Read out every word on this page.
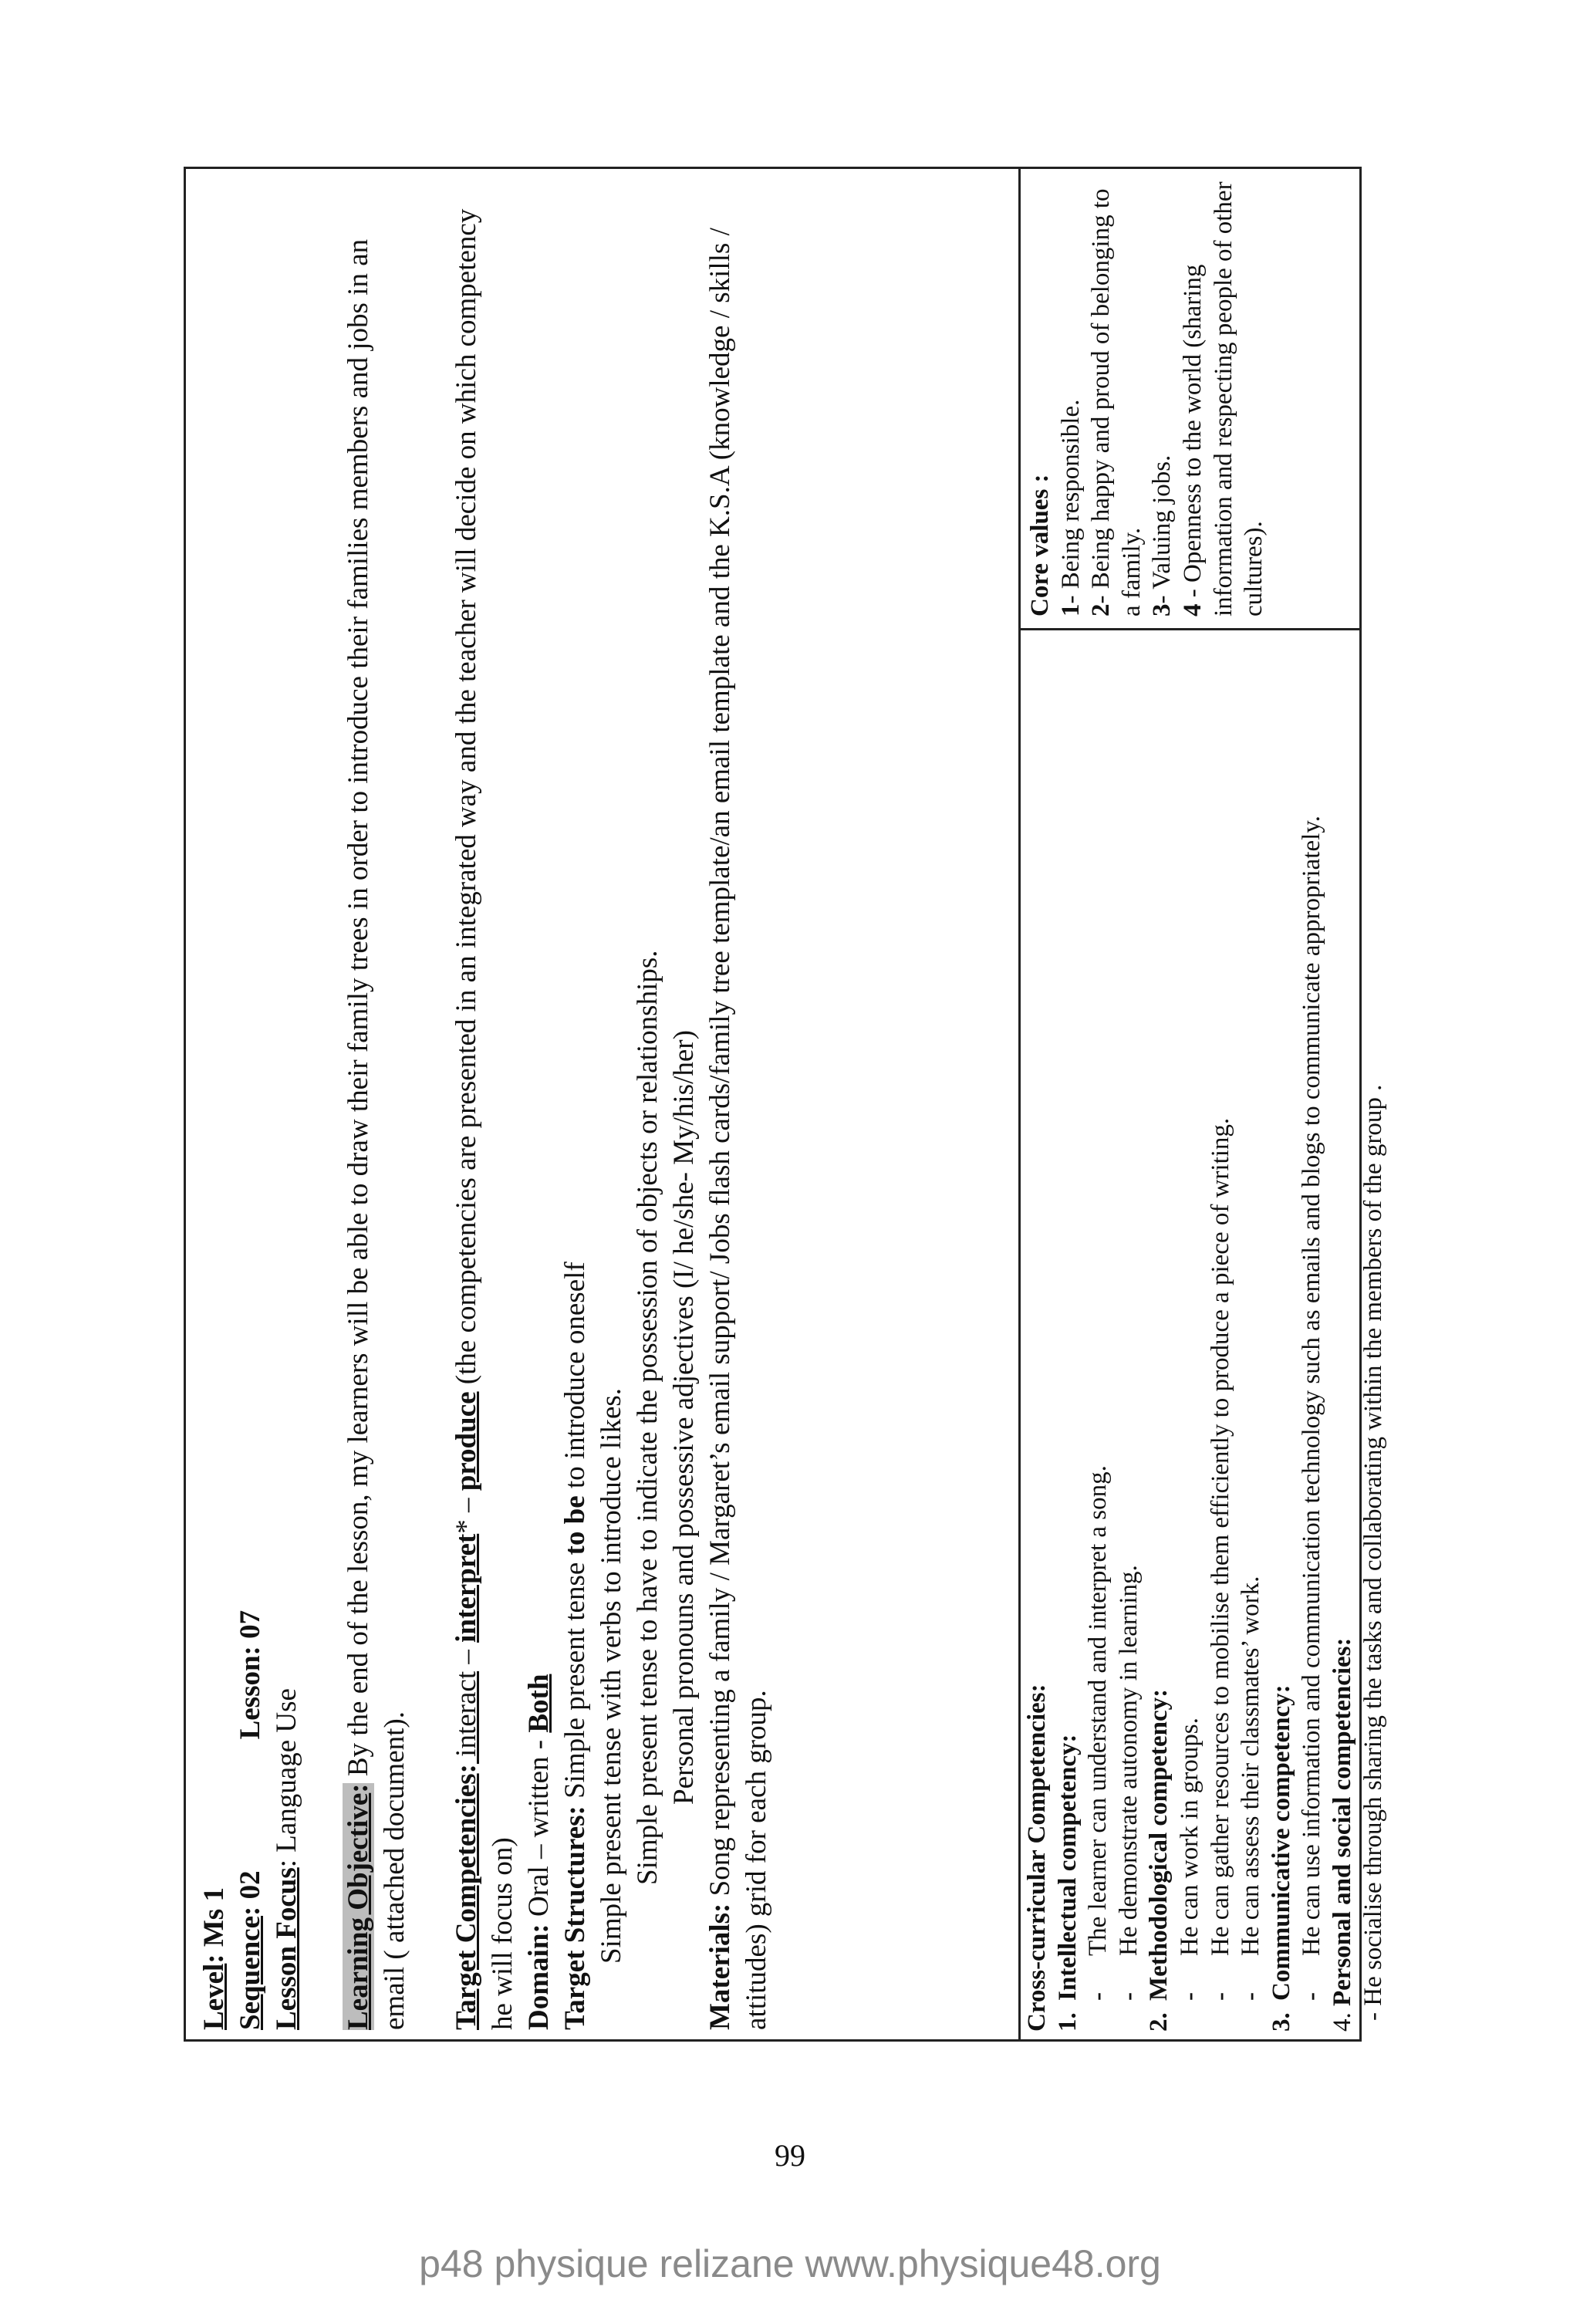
Level: Ms 1 Sequence: 02Lesson: 07

Lesson Focus: Language Use

Learning Objective: By the end of the lesson, my learners will be able to draw their family trees in order to introduce their families members and jobs in an email ( attached document). Target Competencies: interact – interpret* – produce (the competencies are presented in an integrated way and the teacher will decide on which competency he will focus on) Domain: Oral – written - Both

Target Structures: Simple present tense to be to introduce oneself

Simple present tense with verbs to introduce likes. Simple present tense to have to indicate the possession of objects or relationships. Personal pronouns and possessive adjectives (I/ he/she- My/his/her)

Materials: Song representing a family / Margaret’s email support/ Jobs flash cards/family tree template/an email template and the K.S.A (knowledge / skills / attitudes) grid for each group.	Cross-curricular Competencies: 1.
Intellectual competency: -
The learner can understand and interpret a song.
-
He demonstrate autonomy in learning.
2.
Methodological competency: -
He can work in groups.
-
He can gather resources to mobilise them efficiently to produce a piece of writing.
-
He can assess their classmates’ work.
3.
Communicative competency: -
He can use information and communication technology such as emails and blogs to communicate appropriately.
4. Personal and social competencies: - He socialise through sharing the tasks and collaborating within the members of the group .

Core values : 1- Being responsible.

2- Being happy and proud of belonging to a family. 3- Valuing jobs.

4 - Openness to the world (sharing information and respecting people of other cultures).

99
p48 physique relizane www.physique48.org
